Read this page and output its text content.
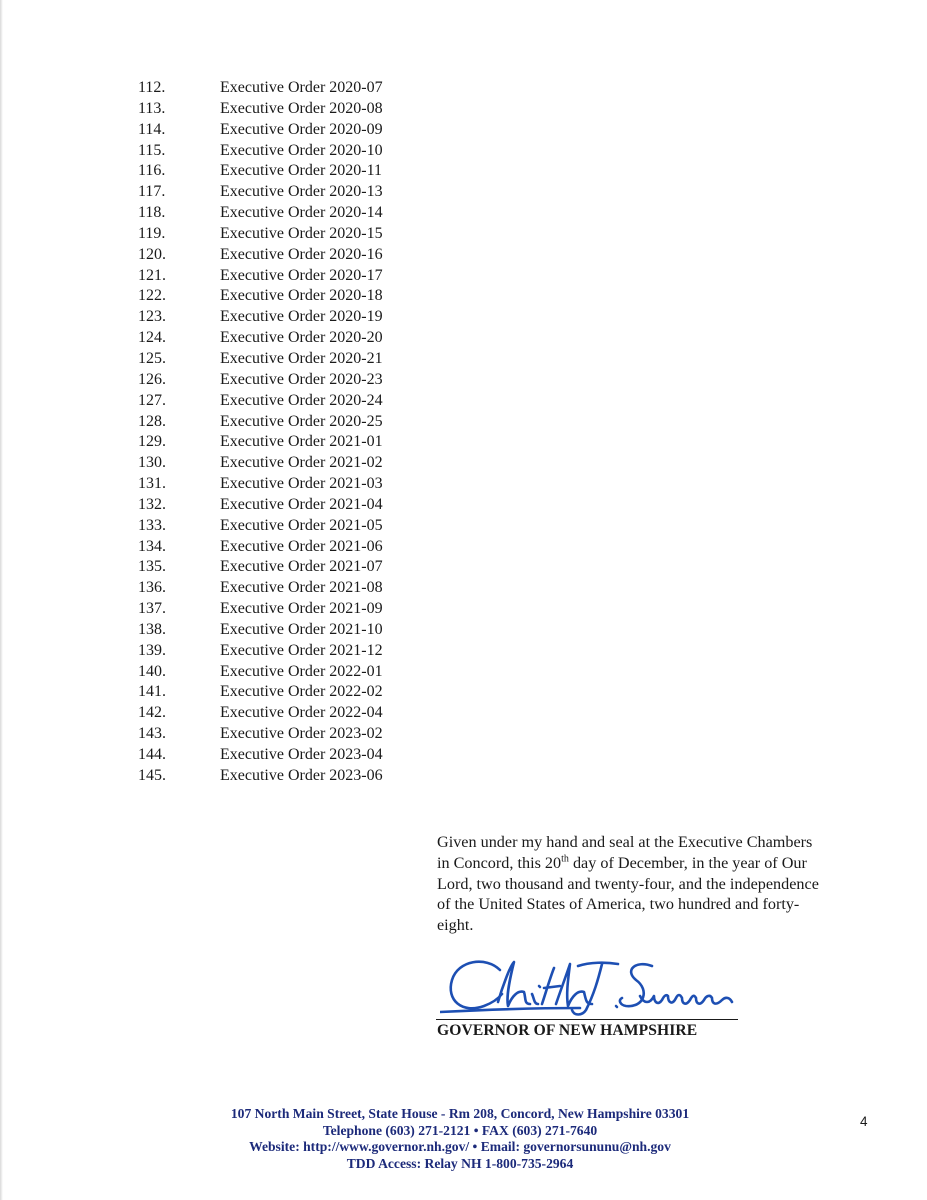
112.	Executive Order 2020-07
113.	Executive Order 2020-08
114.	Executive Order 2020-09
115.	Executive Order 2020-10
116.	Executive Order 2020-11
117.	Executive Order 2020-13
118.	Executive Order 2020-14
119.	Executive Order 2020-15
120.	Executive Order 2020-16
121.	Executive Order 2020-17
122.	Executive Order 2020-18
123.	Executive Order 2020-19
124.	Executive Order 2020-20
125.	Executive Order 2020-21
126.	Executive Order 2020-23
127.	Executive Order 2020-24
128.	Executive Order 2020-25
129.	Executive Order 2021-01
130.	Executive Order 2021-02
131.	Executive Order 2021-03
132.	Executive Order 2021-04
133.	Executive Order 2021-05
134.	Executive Order 2021-06
135.	Executive Order 2021-07
136.	Executive Order 2021-08
137.	Executive Order 2021-09
138.	Executive Order 2021-10
139.	Executive Order 2021-12
140.	Executive Order 2022-01
141.	Executive Order 2022-02
142.	Executive Order 2022-04
143.	Executive Order 2023-02
144.	Executive Order 2023-04
145.	Executive Order 2023-06
Given under my hand and seal at the Executive Chambers
in Concord, this 20th day of December, in the year of Our
Lord, two thousand and twenty-four, and the independence
of the United States of America, two hundred and forty-
eight.
GOVERNOR OF NEW HAMPSHIRE
107 North Main Street, State House - Rm 208, Concord, New Hampshire 03301
Telephone (603) 271-2121 • FAX (603) 271-7640
Website: http://www.governor.nh.gov/ • Email: governorsununu@nh.gov
TDD Access: Relay NH 1-800-735-2964
4
